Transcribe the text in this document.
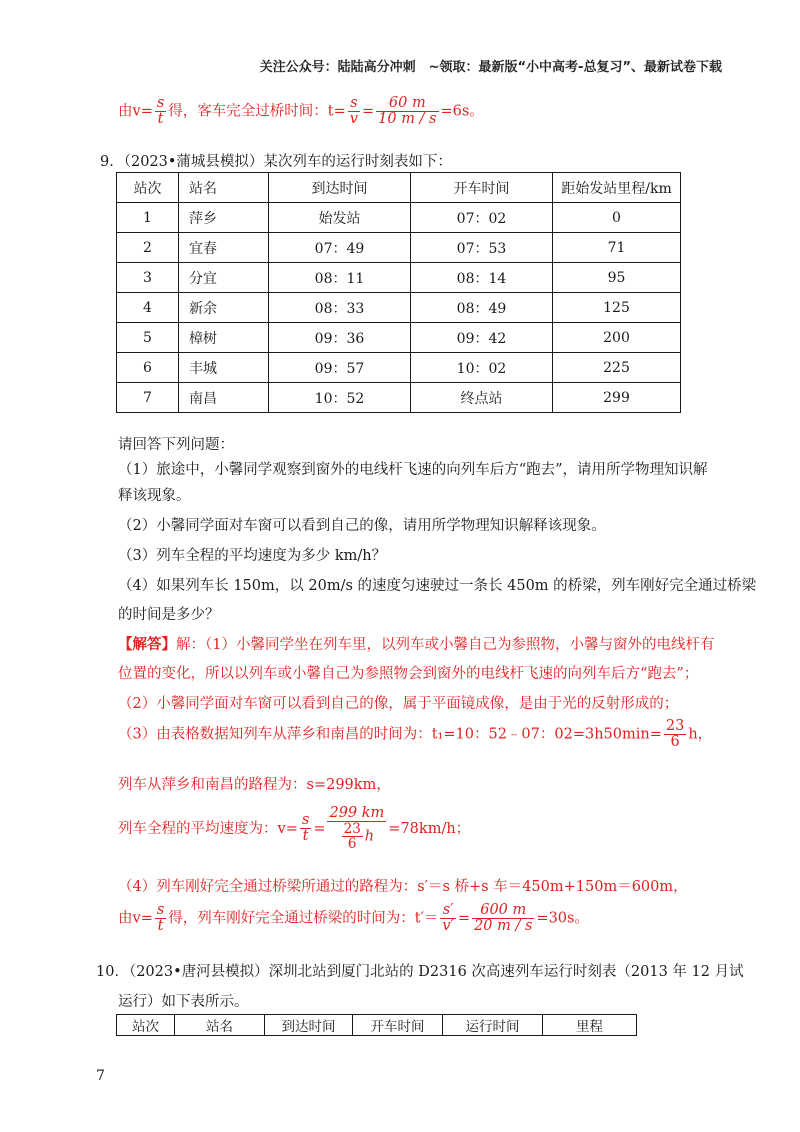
关注公众号：陆陆高分冲刺　~领取：最新版“小中高考-总复习”、最新试卷下载
由$v= \frac{s}{t}$ 得，客车完全过桥时间：$t= \frac{s}{v} = \frac{60 m}{10 m / s} =6s$。
9．（2023•蒲城县模拟）某次列车的运行时刻表如下：
站次	站名	到达时间	开车时间	距始发站里程/km
1	萍乡	始发站	07：02	0
2	宜春	07：49	07：53	71
3	分宜	08：11	08：14	95
4	新余	08：33	08：49	125
5	樟树	09：36	09：42	200
6	丰城	09：57	10：02	225
7	南昌	10：52	终点站	299
请回答下列问题：
（1）旅途中，小馨同学观察到窗外的电线杆飞速的向列车后方“跑去”，请用所学物理知识解
释该现象。
（2）小馨同学面对车窗可以看到自己的像，请用所学物理知识解释该现象。
（3）列车全程的平均速度为多少 km/h？
（4）如果列车长 150m，以 20m/s 的速度匀速驶过一条长 450m 的桥梁，列车刚好完全通过桥梁
的时间是多少？
【解答】解：（1）小馨同学坐在列车里，以列车或小馨自己为参照物，小馨与窗外的电线杆有
位置的变化，所以以列车或小馨自己为参照物会到窗外的电线杆飞速的向列车后方“跑去”；
（2）小馨同学面对车窗可以看到自己的像，属于平面镜成像，是由于光的反射形成的；
（3）由表格数据知列车从萍乡和南昌的时间为：t₁=10：52﹣07：$02=3h50\min= \frac{23}{6}$ h，
列车从萍乡和南昌的路程为：s=299km，
列车全程的平均速度为：$v= \frac{s}{t} = \frac{299 km}{\frac{23}{6} h} =78km/h$；
（4）列车刚好完全通过桥梁所通过的路程为：s′＝s 桥+s 车＝450m+150m＝600m，
由$v= \frac{s}{t}$ 得，列车刚好完全通过桥梁的时间为：$t'= \frac{s'}{v'} = \frac{600 m}{20 m / s} =30s$。
10．（2023•唐河县模拟）深圳北站到厦门北站的 D2316 次高速列车运行时刻表（2013 年 12 月试
运行）如下表所示。
站次	站名	到达时间	开车时间	运行时间	里程
7
